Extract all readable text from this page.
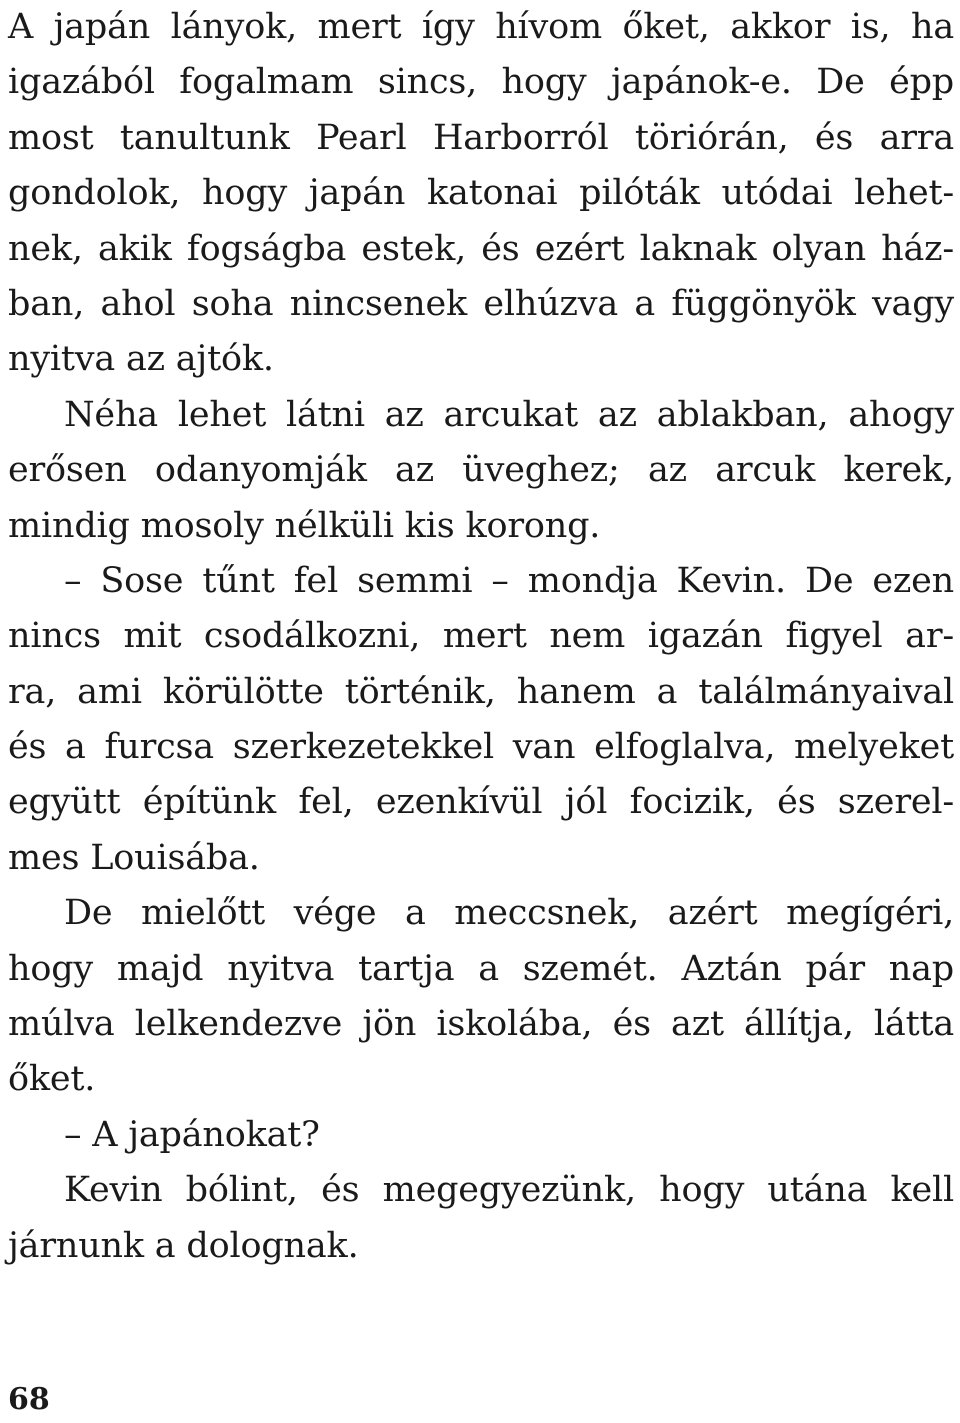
A japán lányok, mert így hívom őket, akkor is, ha
igazából fogalmam sincs, hogy japánok-e. De épp
most tanultunk Pearl Harborról töriórán, és arra
gondolok, hogy japán katonai pilóták utódai lehet-
nek, akik fogságba estek, és ezért laknak olyan ház-
ban, ahol soha nincsenek elhúzva a függönyök vagy
nyitva az ajtók.
Néha lehet látni az arcukat az ablakban, ahogy
erősen odanyomják az üveghez; az arcuk kerek,
mindig mosoly nélküli kis korong.
– Sose tűnt fel semmi – mondja Kevin. De ezen
nincs mit csodálkozni, mert nem igazán figyel ar-
ra, ami körülötte történik, hanem a találmányaival
és a furcsa szerkezetekkel van elfoglalva, melyeket
együtt építünk fel, ezenkívül jól focizik, és szerel-
mes Louisába.
De mielőtt vége a meccsnek, azért megígéri,
hogy majd nyitva tartja a szemét. Aztán pár nap
múlva lelkendezve jön iskolába, és azt állítja, látta
őket.
– A japánokat?
Kevin bólint, és megegyezünk, hogy utána kell
járnunk a dolognak.
68
